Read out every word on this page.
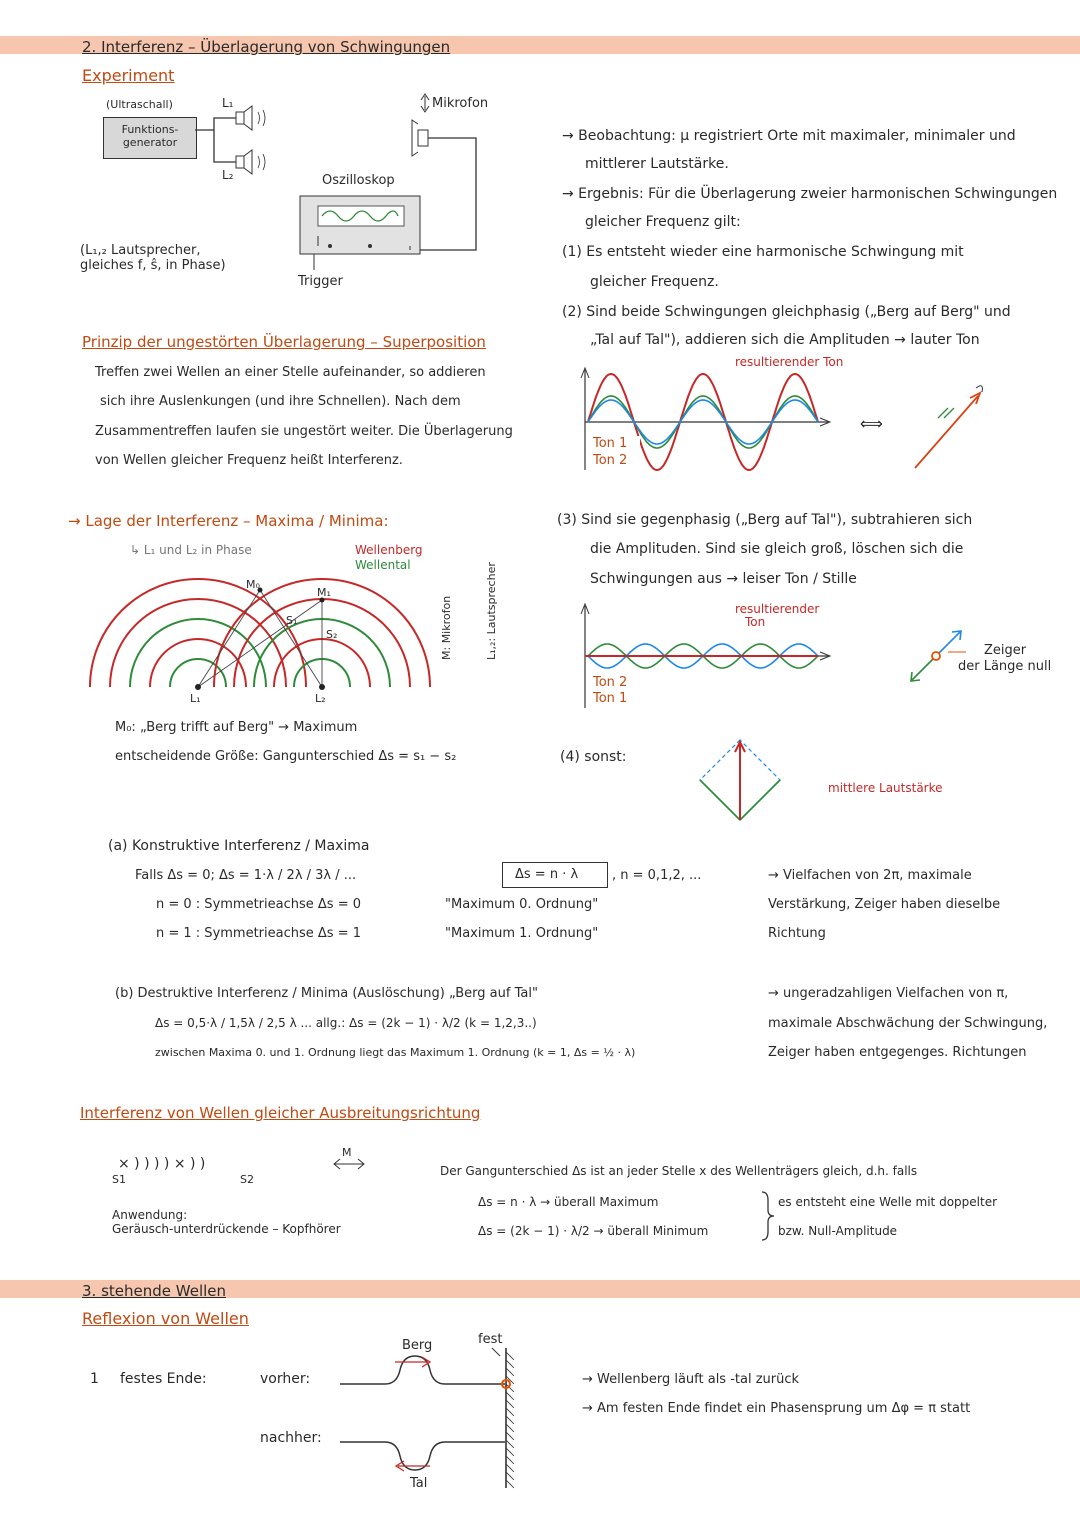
2. Interferenz – Überlagerung von Schwingungen
Experiment
(Ultraschall)
Funktions-generator
L₁
L₂
Mikrofon
Oszilloskop
Trigger
(L₁,₂ Lautsprecher,
gleiches f, ŝ, in Phase)
→ Beobachtung: μ registriert Orte mit maximaler, minimaler und
mittlerer Lautstärke.
→ Ergebnis: Für die Überlagerung zweier harmonischen Schwingungen
gleicher Frequenz gilt:
(1) Es entsteht wieder eine harmonische Schwingung mit
gleicher Frequenz.
(2) Sind beide Schwingungen gleichphasig („Berg auf Berg" und
„Tal auf Tal"), addieren sich die Amplituden → lauter Ton
resultierender Ton
Ton 1
Ton 2
⟺
Prinzip der ungestörten Überlagerung – Superposition
Treffen zwei Wellen an einer Stelle aufeinander, so addieren
sich ihre Auslenkungen (und ihre Schnellen). Nach dem
Zusammentreffen laufen sie ungestört weiter. Die Überlagerung
von Wellen gleicher Frequenz heißt Interferenz.
→ Lage der Interferenz – Maxima / Minima:
↳ L₁ und L₂ in Phase	Wellenberg
Wellental
M₀
M₁
S₁
S₂
L₁	L₂
M: Mikrofon	L₁,₂: Lautsprecher
M₀: „Berg trifft auf Berg" → Maximum
entscheidende Größe: Gangunterschied Δs = s₁ − s₂
(3) Sind sie gegenphasig („Berg auf Tal"), subtrahieren sich
die Amplituden. Sind sie gleich groß, löschen sich die
Schwingungen aus → leiser Ton / Stille
resultierender
Ton
Ton 2
Ton 1
Zeiger
der Länge null
(4) sonst:
mittlere Lautstärke
(a) Konstruktive Interferenz / Maxima
Falls Δs = 0; Δs = 1·λ / 2λ / 3λ / ...	Δs = n · λ	, n = 0,1,2, ...
n = 0 : Symmetrieachse Δs = 0	"Maximum 0. Ordnung"
n = 1 : Symmetrieachse Δs = 1	"Maximum 1. Ordnung"
→ Vielfachen von 2π, maximale
Verstärkung, Zeiger haben dieselbe
Richtung
(b) Destruktive Interferenz / Minima (Auslöschung) „Berg auf Tal"
Δs = 0,5·λ / 1,5λ / 2,5 λ ... allg.: Δs = (2k − 1) · λ/2 (k = 1,2,3..)
zwischen Maxima 0. und 1. Ordnung liegt das Maximum 1. Ordnung (k = 1, Δs = ½ · λ)
→ ungeradzahligen Vielfachen von π,
maximale Abschwächung der Schwingung,
Zeiger haben entgegenges. Richtungen
Interferenz von Wellen gleicher Ausbreitungsrichtung
× ) ) ) ) × ) )
S1	S2
M
Anwendung:
Geräusch-unterdrückende – Kopfhörer
Der Gangunterschied Δs ist an jeder Stelle x des Wellenträgers gleich, d.h. falls
Δs = n · λ → überall Maximum
Δs = (2k − 1) · λ/2 → überall Minimum
es entsteht eine Welle mit doppelter
bzw. Null-Amplitude
3. stehende Wellen
Reflexion von Wellen
1 festes Ende:	vorher:
nachher:
Berg
Tal
fest
→ Wellenberg läuft als -tal zurück
→ Am festen Ende findet ein Phasensprung um Δφ = π statt
